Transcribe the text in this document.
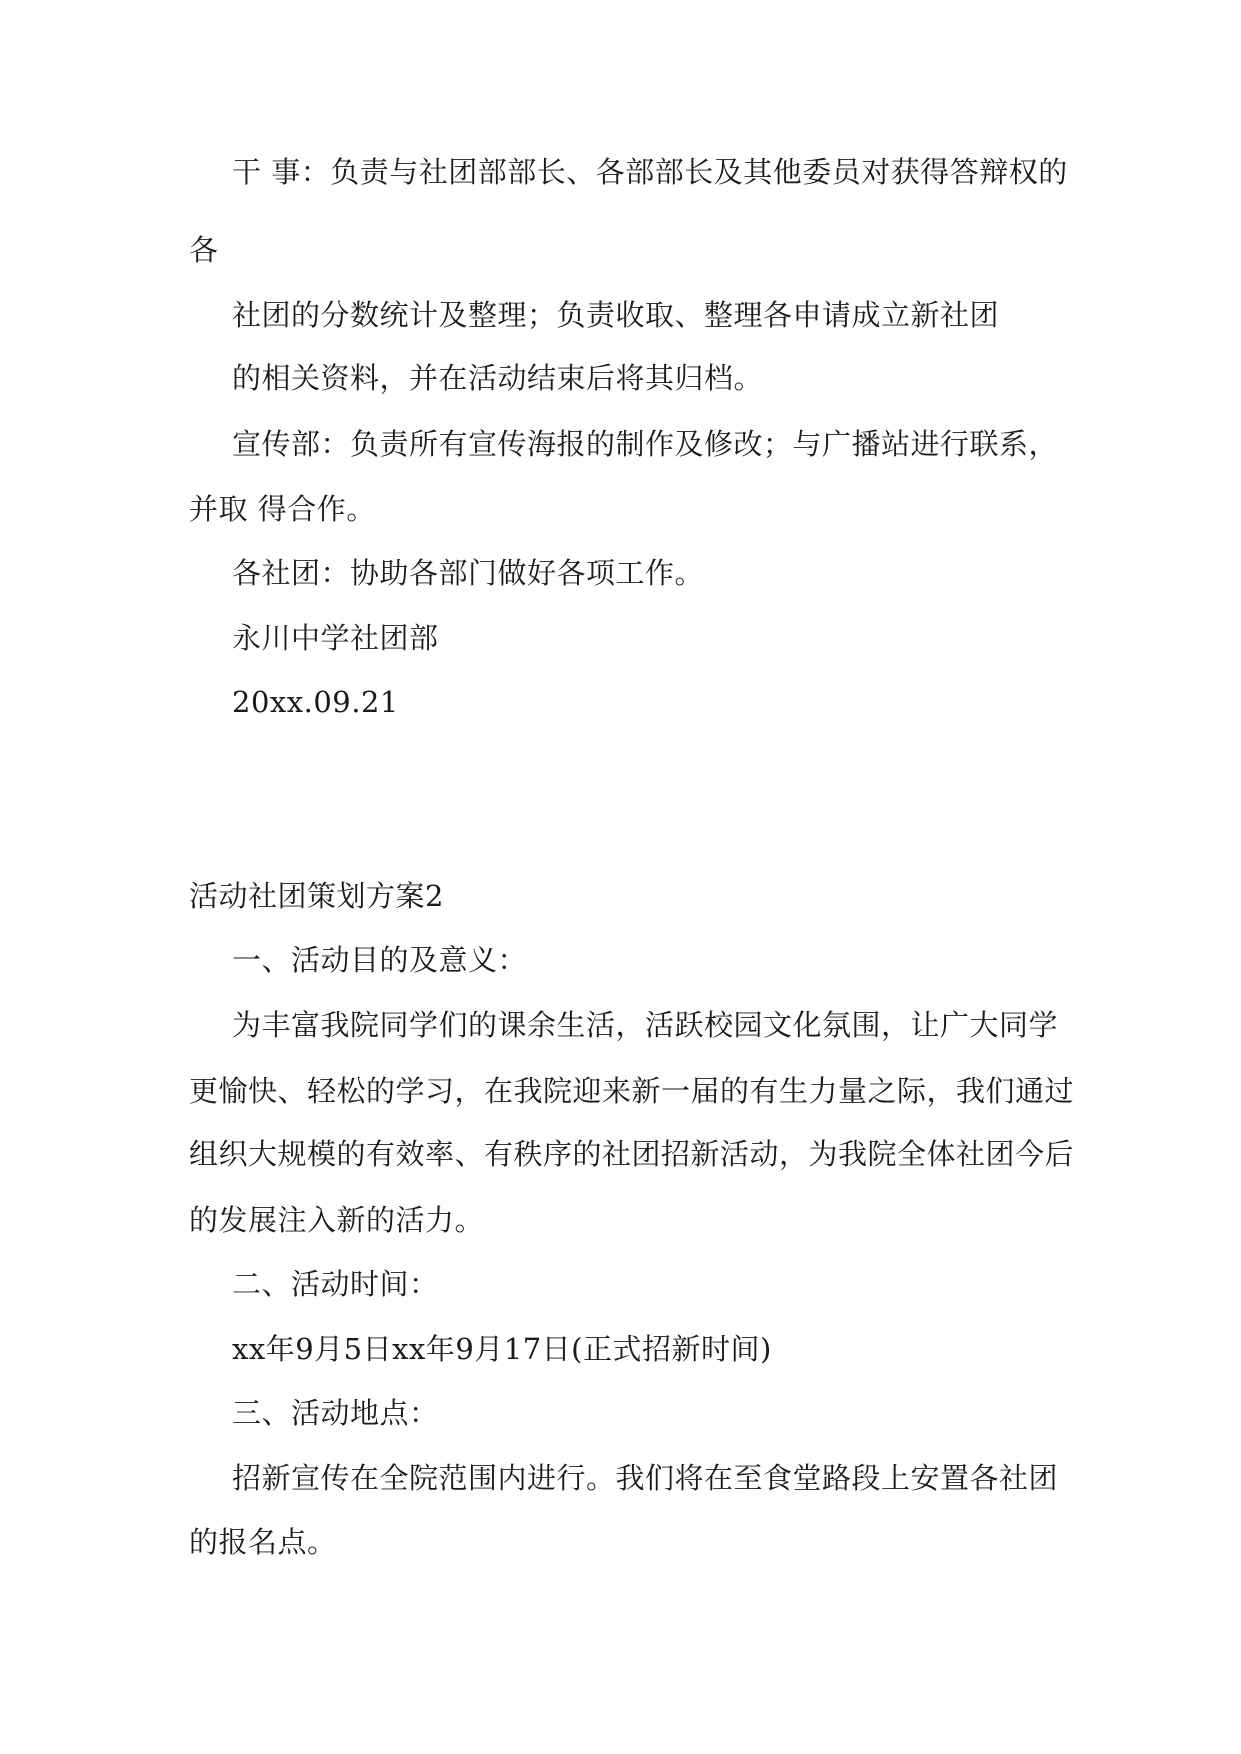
干 事：负责与社团部部长、各部部长及其他委员对获得答辩权的
各
社团的分数统计及整理；负责收取、整理各申请成立新社团
的相关资料，并在活动结束后将其归档。
宣传部：负责所有宣传海报的制作及修改；与广播站进行联系，
并取 得合作。
各社团：协助各部门做好各项工作。
永川中学社团部
20xx.09.21
活动社团策划方案2
一、活动目的及意义：
为丰富我院同学们的课余生活，活跃校园文化氛围，让广大同学
更愉快、轻松的学习，在我院迎来新一届的有生力量之际，我们通过
组织大规模的有效率、有秩序的社团招新活动，为我院全体社团今后
的发展注入新的活力。
二、活动时间：
xx年9月5日xx年9月17日(正式招新时间)
三、活动地点：
招新宣传在全院范围内进行。我们将在至食堂路段上安置各社团
的报名点。
